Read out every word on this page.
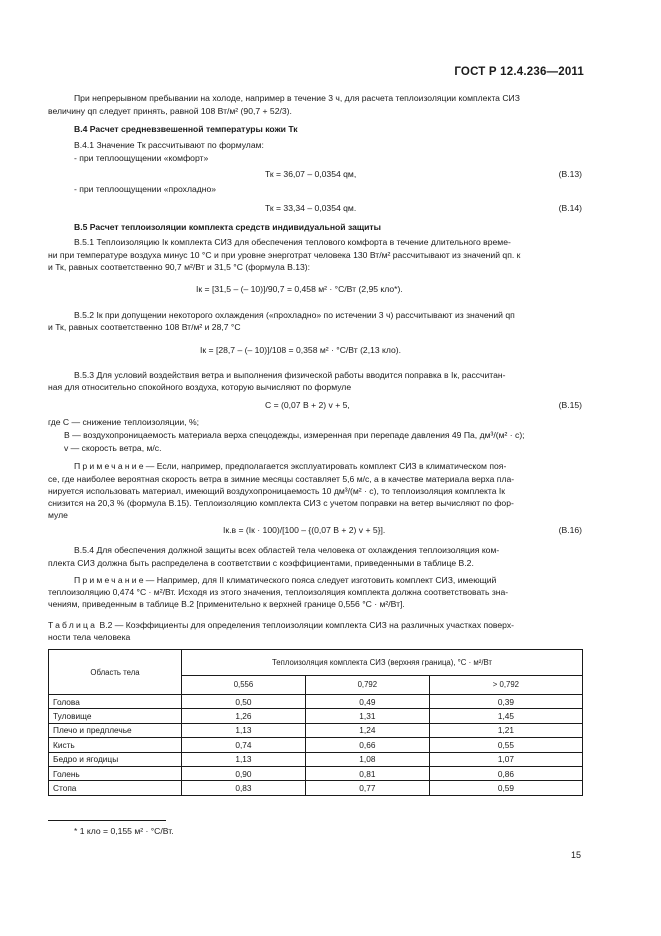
ГОСТ Р 12.4.236—2011
При непрерывном пребывании на холоде, например в течение 3 ч, для расчета теплоизоляции комплекта СИЗ
величину qп следует принять, равной 108 Вт/м² (90,7 + 52/3).
В.4 Расчет средневзвешенной температуры кожи Тк
В.4.1 Значение Тк рассчитывают по формулам:
- при теплоощущении «комфорт»
Тк = 36,07 – 0,0354 qм,	(В.13)
- при теплоощущении «прохладно»
Тк = 33,34 – 0,0354 qм.	(В.14)
В.5 Расчет теплоизоляции комплекта средств индивидуальной защиты
В.5.1 Теплоизоляцию Iк комплекта СИЗ для обеспечения теплового комфорта в течение длительного време-
ни при температуре воздуха минус 10 °С и при уровне энерготрат человека 130 Вт/м² рассчитывают из значений qп. к
и Тк, равных соответственно 90,7 м²/Вт и 31,5 °С (формула В.13):
Iк = [31,5 – (– 10)]/90,7 = 0,458 м² · °С/Вт (2,95 кло*).
В.5.2 Iк при допущении некоторого охлаждения («прохладно» по истечении 3 ч) рассчитывают из значений qп
и Тк, равных соответственно 108 Вт/м² и 28,7 °С
Iк = [28,7 – (– 10)]/108 = 0,358 м² · °С/Вт (2,13 кло).
В.5.3 Для условий воздействия ветра и выполнения физической работы вводится поправка в Iк, рассчитан-
ная для относительно спокойного воздуха, которую вычисляют по формуле
С = (0,07 В + 2) v + 5,	(В.15)
где С — снижение теплоизоляции, %;
В — воздухопроницаемость материала верха спецодежды, измеренная при перепаде давления 49 Па, дм³/(м² · с);
v — скорость ветра, м/с.
Примечание— Если, например, предполагается эксплуатировать комплект СИЗ в климатическом поя-
се, где наиболее вероятная скорость ветра в зимние месяцы составляет 5,6 м/с, а в качестве материала верха пла-
нируется использовать материал, имеющий воздухопроницаемость 10 дм³/(м² · с), то теплоизоляция комплекта Iк
снизится на 20,3 % (формула В.15). Теплоизоляцию комплекта СИЗ с учетом поправки на ветер вычисляют по фор-
муле
Iк.в = (Iк · 100)/[100 – {(0,07 В + 2) v + 5}].	(В.16)
В.5.4 Для обеспечения должной защиты всех областей тела человека от охлаждения теплоизоляция ком-
плекта СИЗ должна быть распределена в соответствии с коэффициентами, приведенными в таблице В.2.
Примечание— Например, для II климатического пояса следует изготовить комплект СИЗ, имеющий
теплоизоляцию 0,474 °С · м²/Вт. Исходя из этого значения, теплоизоляция комплекта должна соответствовать зна-
чениям, приведенным в таблице В.2 [применительно к верхней границе 0,556 °С · м²/Вт].
Таблица В.2 — Коэффициенты для определения теплоизоляции комплекта СИЗ на различных участках поверх-
ности тела человека
Область тела	Теплоизоляция комплекта СИЗ (верхняя граница), °С · м²/Вт		
	0,556	0,792	> 0,792
Голова	0,50	0,49	0,39
Туловище	1,26	1,31	1,45
Плечо и предплечье	1,13	1,24	1,21
Кисть	0,74	0,66	0,55
Бедро и ягодицы	1,13	1,08	1,07
Голень	0,90	0,81	0,86
Стопа	0,83	0,77	0,59
* 1 кло = 0,155 м² · °С/Вт.
15
